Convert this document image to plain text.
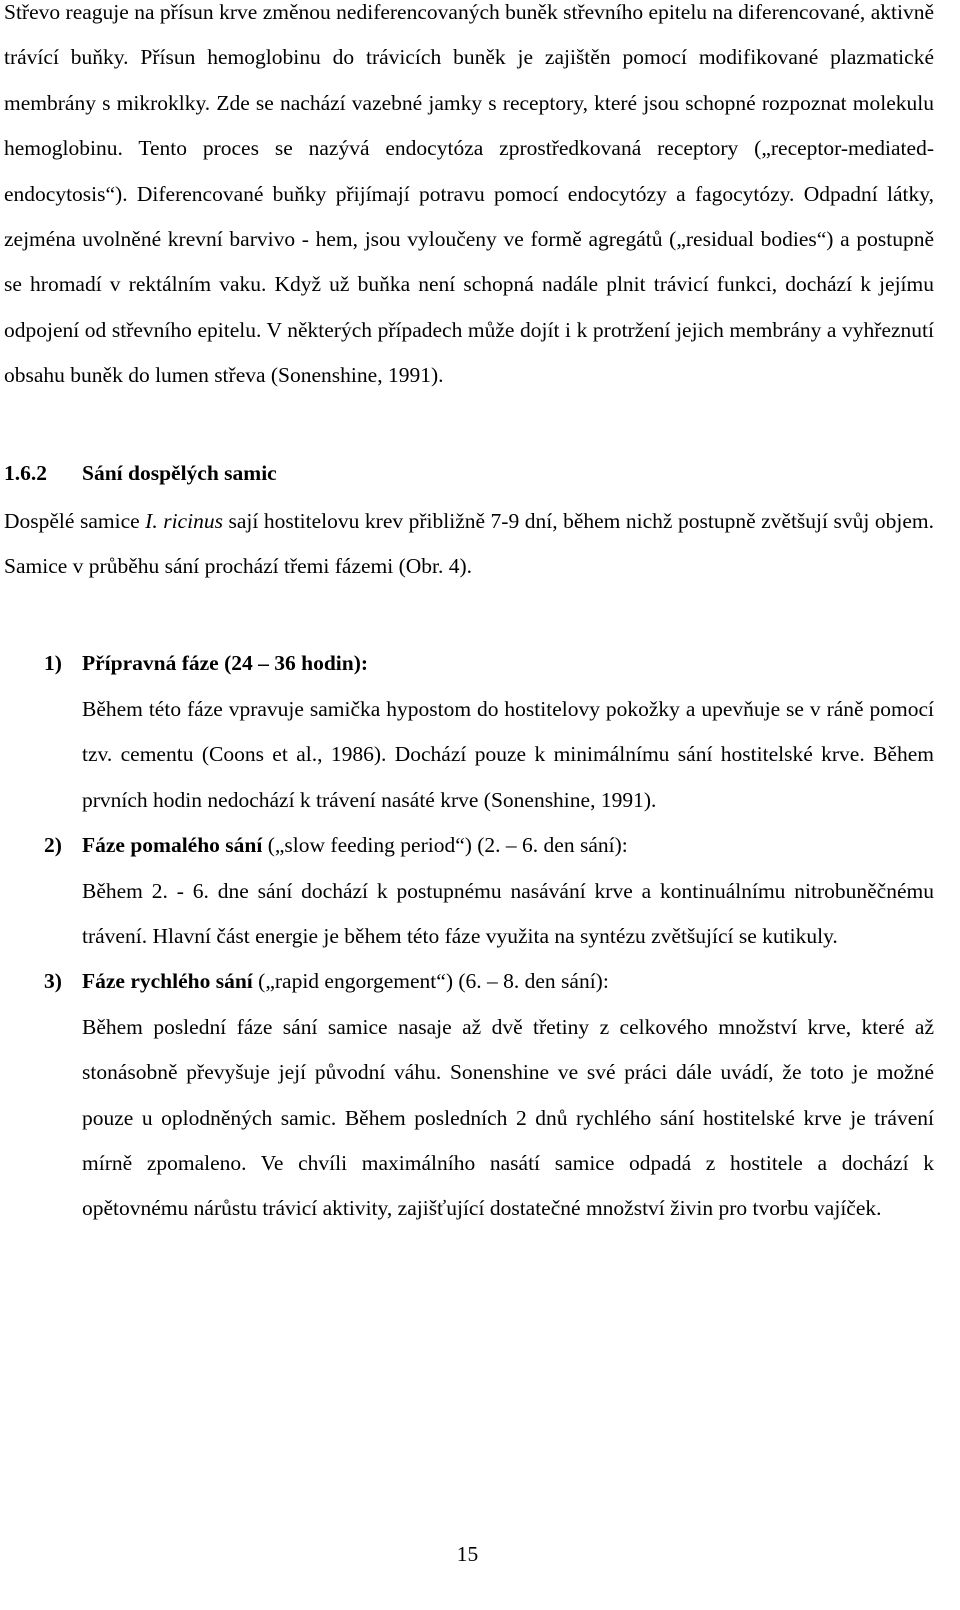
Střevo reaguje na přísun krve změnou nediferencovaných buněk střevního epitelu na diferencované, aktivně trávící buňky. Přísun hemoglobinu do trávicích buněk je zajištěn pomocí modifikované plazmatické membrány s mikroklky. Zde se nachází vazebné jamky s receptory, které jsou schopné rozpoznat molekulu hemoglobinu. Tento proces se nazývá endocytóza zprostředkovaná receptory („receptor-mediated-endocytosis“). Diferencované buňky přijímají potravu pomocí endocytózy a fagocytózy. Odpadní látky, zejména uvolněné krevní barvivo - hem, jsou vyloučeny ve formě agregátů („residual bodies“) a postupně se hromadí v rektálním vaku. Když už buňka není schopná nadále plnit trávicí funkci, dochází k jejímu odpojení od střevního epitelu. V některých případech může dojít i k protržení jejich membrány a vyhřeznutí obsahu buněk do lumen střeva (Sonenshine, 1991).

1.6.2 Sání dospělých samic

Dospělé samice I. ricinus sají hostitelovu krev přibližně 7-9 dní, během nichž postupně zvětšují svůj objem. Samice v průběhu sání prochází třemi fázemi (Obr. 4).

1) Přípravná fáze (24 – 36 hodin):

Během této fáze vpravuje samička hypostom do hostitelovy pokožky a upevňuje se v ráně pomocí tzv. cementu (Coons et al., 1986). Dochází pouze k minimálnímu sání hostitelské krve. Během prvních hodin nedochází k trávení nasáté krve (Sonenshine, 1991).

2) Fáze pomalého sání („slow feeding period“) (2. – 6. den sání):

Během 2. - 6. dne sání dochází k postupnému nasávání krve a kontinuálnímu nitrobuněčnému trávení. Hlavní část energie je během této fáze využita na syntézu zvětšující se kutikuly.

3) Fáze rychlého sání („rapid engorgement“) (6. – 8. den sání):

Během poslední fáze sání samice nasaje až dvě třetiny z celkového množství krve, které až stonásobně převyšuje její původní váhu. Sonenshine ve své práci dále uvádí, že toto je možné pouze u oplodněných samic. Během posledních 2 dnů rychlého sání hostitelské krve je trávení mírně zpomaleno. Ve chvíli maximálního nasátí samice odpadá z hostitele a dochází k opětovnému nárůstu trávicí aktivity, zajišťující dostatečné množství živin pro tvorbu vajíček.

15
